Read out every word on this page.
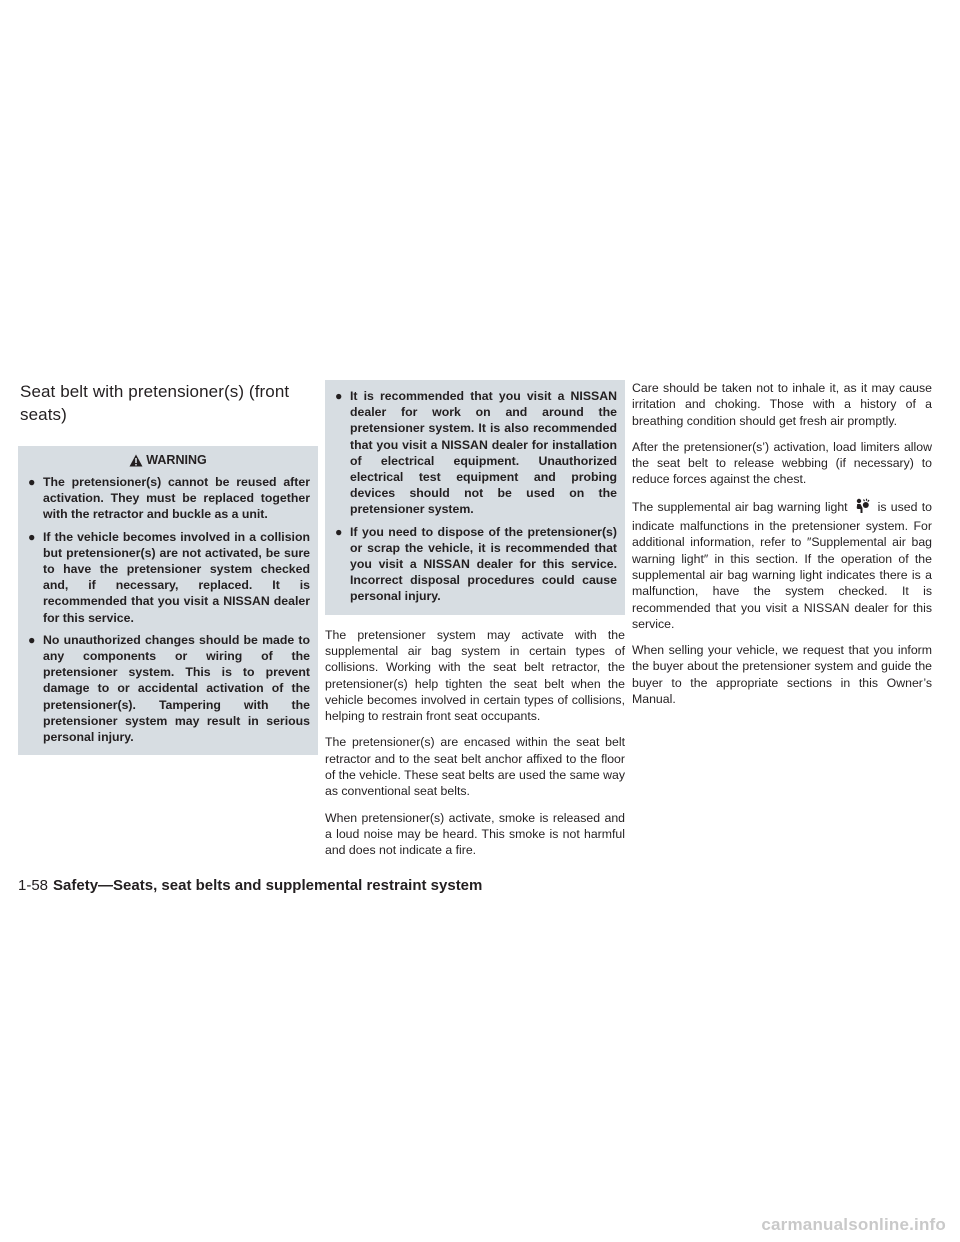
Seat belt with pretensioner(s) (front seats)
WARNING
● The pretensioner(s) cannot be reused after activation. They must be replaced together with the retractor and buckle as a unit.
● If the vehicle becomes involved in a collision but pretensioner(s) are not activated, be sure to have the pretensioner system checked and, if necessary, replaced. It is recommended that you visit a NISSAN dealer for this service.
● No unauthorized changes should be made to any components or wiring of the pretensioner system. This is to prevent damage to or accidental activation of the pretensioner(s). Tampering with the pretensioner system may result in serious personal injury.
● It is recommended that you visit a NISSAN dealer for work on and around the pretensioner system. It is also recommended that you visit a NISSAN dealer for installation of electrical equipment. Unauthorized electrical test equipment and probing devices should not be used on the pretensioner system.
● If you need to dispose of the pretensioner(s) or scrap the vehicle, it is recommended that you visit a NISSAN dealer for this service. Incorrect disposal procedures could cause personal injury.

The pretensioner system may activate with the supplemental air bag system in certain types of collisions. Working with the seat belt retractor, the pretensioner(s) help tighten the seat belt when the vehicle becomes involved in certain types of collisions, helping to restrain front seat occupants.

The pretensioner(s) are encased within the seat belt retractor and to the seat belt anchor affixed to the floor of the vehicle. These seat belts are used the same way as conventional seat belts.

When pretensioner(s) activate, smoke is released and a loud noise may be heard. This smoke is not harmful and does not indicate a fire.

Care should be taken not to inhale it, as it may cause irritation and choking. Those with a history of a breathing condition should get fresh air promptly.

After the pretensioner(s’) activation, load limiters allow the seat belt to release webbing (if necessary) to reduce forces against the chest.

The supplemental air bag warning light is used to indicate malfunctions in the pretensioner system. For additional information, refer to ″Supplemental air bag warning light″ in this section. If the operation of the supplemental air bag warning light indicates there is a malfunction, have the system checked. It is recommended that you visit a NISSAN dealer for this service.

When selling your vehicle, we request that you inform the buyer about the pretensioner system and guide the buyer to the appropriate sections in this Owner’s Manual.

1-58 Safety—Seats, seat belts and supplemental restraint system
carmanualsonline.info
